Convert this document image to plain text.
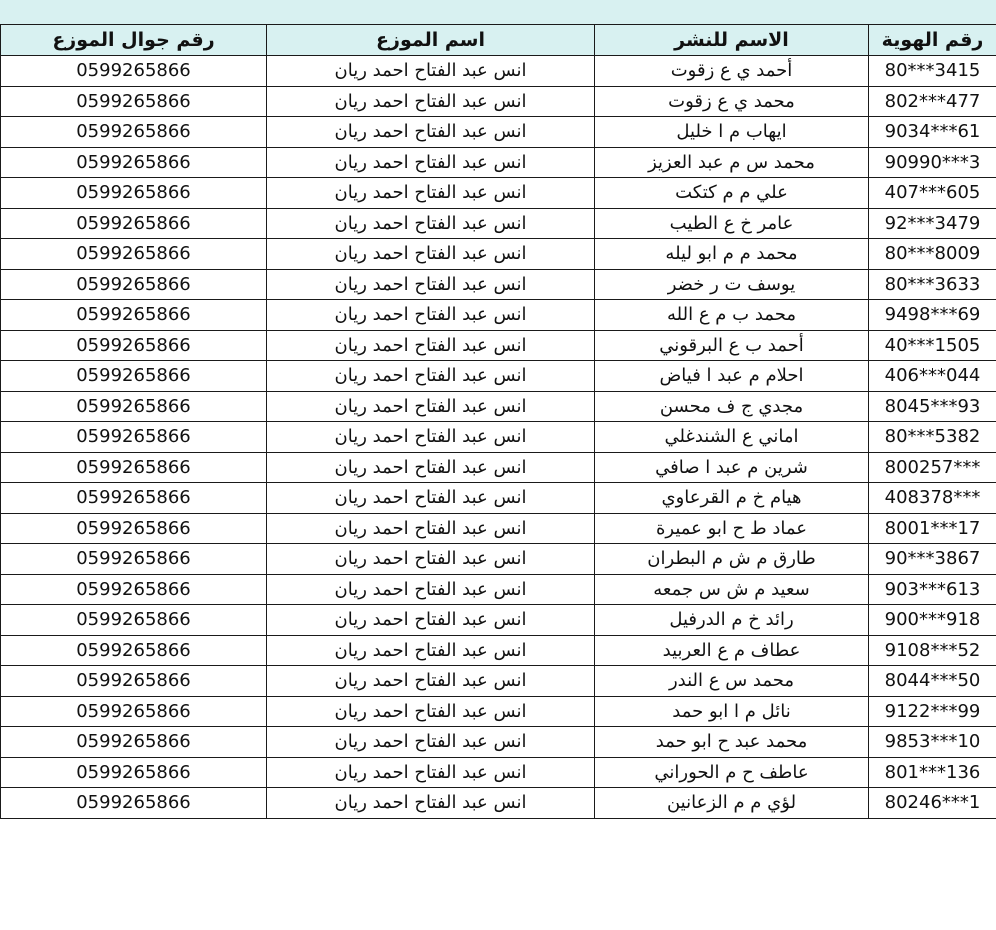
رقم الهوية	الاسم للنشر	اسم الموزع	رقم جوال الموزع
80***3415	أحمد ي ع زقوت	انس عبد الفتاح احمد ريان	0599265866
802***477	محمد ي ع زقوت	انس عبد الفتاح احمد ريان	0599265866
9034***61	ايهاب م ا خليل	انس عبد الفتاح احمد ريان	0599265866
90990***3	محمد س م عبد العزيز	انس عبد الفتاح احمد ريان	0599265866
407***605	علي م م كتكت	انس عبد الفتاح احمد ريان	0599265866
92***3479	عامر خ ع الطيب	انس عبد الفتاح احمد ريان	0599265866
80***8009	محمد م م ابو ليله	انس عبد الفتاح احمد ريان	0599265866
80***3633	يوسف ت ر خضر	انس عبد الفتاح احمد ريان	0599265866
9498***69	محمد ب م ع الله	انس عبد الفتاح احمد ريان	0599265866
40***1505	أحمد ب ع البرقوني	انس عبد الفتاح احمد ريان	0599265866
406***044	احلام م عبد ا فياض	انس عبد الفتاح احمد ريان	0599265866
8045***93	مجدي ج ف محسن	انس عبد الفتاح احمد ريان	0599265866
80***5382	اماني ع الشندغلي	انس عبد الفتاح احمد ريان	0599265866
800257***	شرين م عبد ا صافي	انس عبد الفتاح احمد ريان	0599265866
408378***	هيام خ م القرعاوي	انس عبد الفتاح احمد ريان	0599265866
8001***17	عماد ط ح ابو عميرة	انس عبد الفتاح احمد ريان	0599265866
90***3867	طارق م ش م البطران	انس عبد الفتاح احمد ريان	0599265866
903***613	سعيد م ش س جمعه	انس عبد الفتاح احمد ريان	0599265866
900***918	رائد خ م الدرفيل	انس عبد الفتاح احمد ريان	0599265866
9108***52	عطاف م ع العربيد	انس عبد الفتاح احمد ريان	0599265866
8044***50	محمد س ع الندر	انس عبد الفتاح احمد ريان	0599265866
9122***99	نائل م ا ابو حمد	انس عبد الفتاح احمد ريان	0599265866
9853***10	محمد عبد ح ابو حمد	انس عبد الفتاح احمد ريان	0599265866
801***136	عاطف ح م الحوراني	انس عبد الفتاح احمد ريان	0599265866
80246***1	لؤي م م الزعانين	انس عبد الفتاح احمد ريان	0599265866
